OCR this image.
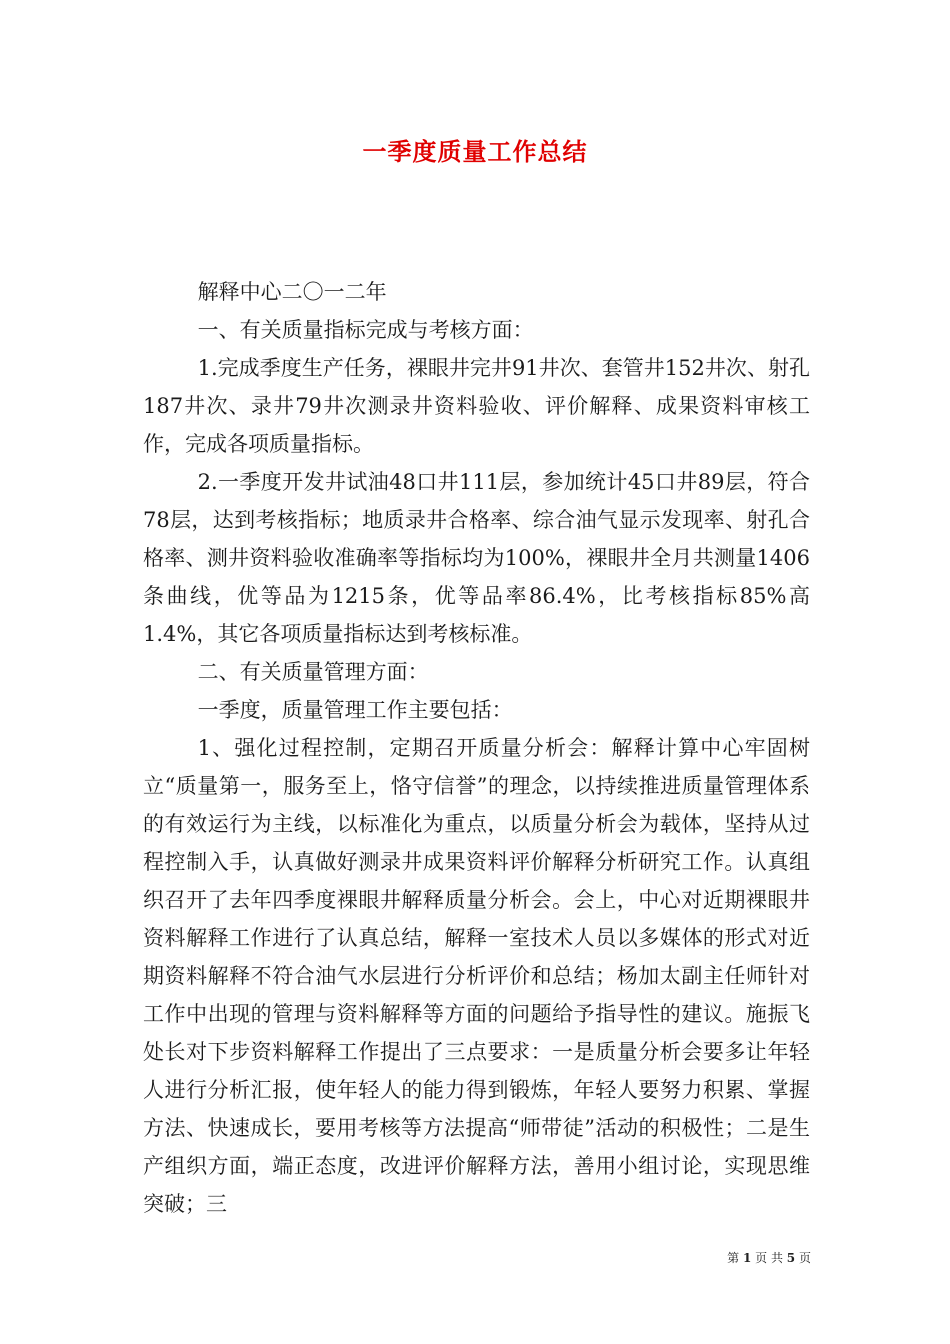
一季度质量工作总结

解释中心二〇一二年

一、有关质量指标完成与考核方面：

1.完成季度生产任务，裸眼井完井91井次、套管井152井次、射孔187井次、录井79井次测录井资料验收、评价解释、成果资料审核工作，完成各项质量指标。

2.一季度开发井试油48口井111层，参加统计45口井89层，符合78层，达到考核指标；地质录井合格率、综合油气显示发现率、射孔合格率、测井资料验收准确率等指标均为100%，裸眼井全月共测量1406条曲线，优等品为1215条，优等品率86.4%，比考核指标85%高1.4%，其它各项质量指标达到考核标准。

二、有关质量管理方面：

一季度，质量管理工作主要包括：

1、强化过程控制，定期召开质量分析会：解释计算中心牢固树立“质量第一，服务至上，恪守信誉”的理念，以持续推进质量管理体系的有效运行为主线，以标准化为重点，以质量分析会为载体，坚持从过程控制入手，认真做好测录井成果资料评价解释分析研究工作。认真组织召开了去年四季度裸眼井解释质量分析会。会上，中心对近期裸眼井资料解释工作进行了认真总结，解释一室技术人员以多媒体的形式对近期资料解释不符合油气水层进行分析评价和总结；杨加太副主任师针对工作中出现的管理与资料解释等方面的问题给予指导性的建议。施振飞处长对下步资料解释工作提出了三点要求：一是质量分析会要多让年轻人进行分析汇报，使年轻人的能力得到锻炼，年轻人要努力积累、掌握方法、快速成长，要用考核等方法提高“师带徒”活动的积极性；二是生产组织方面，端正态度，改进评价解释方法，善用小组讨论，实现思维突破；三

第 1 页 共 5 页
